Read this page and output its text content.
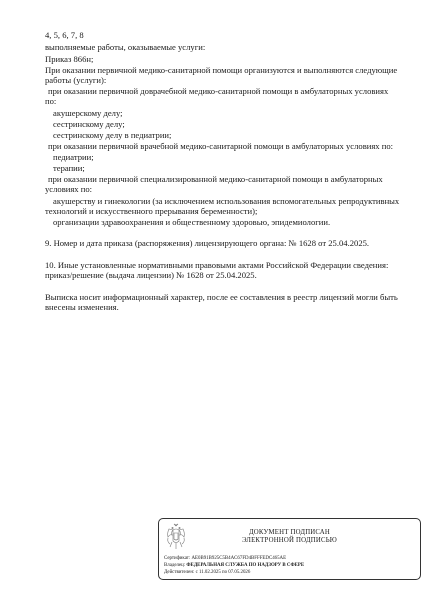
4, 5, 6, 7, 8
выполняемые работы, оказываемые услуги:
Приказ 866н;
При оказании первичной медико-санитарной помощи организуются и выполняются следующие
работы (услуги):
при оказании первичной доврачебной медико-санитарной помощи в амбулаторных условиях
по:
акушерскому делу;
сестринскому делу;
сестринскому делу в педиатрии;
при оказании первичной врачебной медико-санитарной помощи в амбулаторных условиях по:
педиатрии;
терапии;
при оказании первичной специализированной медико-санитарной помощи в амбулаторных
условиях по:
акушерству и гинекологии (за исключением использования вспомогательных репродуктивных
технологий и искусственного прерывания беременности);
организации здравоохранения и общественному здоровью, эпидемиологии.
9. Номер и дата приказа (распоряжения) лицензирующего органа: № 1628 от 25.04.2025.
10. Иные установленные нормативными правовыми актами Российской Федерации сведения:
приказ/решение (выдача лицензии) № 1628 от 25.04.2025.
Выписка носит информационный характер, после ее составления в реестр лицензий могли быть
внесены изменения.
ДОКУМЕНТ ПОДПИСАН
ЭЛЕКТРОННОЙ ПОДПИСЬЮ
Сертификат: AE0B91B925C5B4AC67FD4BFFFEDC465AE
Владелец: ФЕДЕРАЛЬНАЯ СЛУЖБА ПО НАДЗОРУ В СФЕРЕ
Действителен: с 11.02.2025 по 07.05.2026
